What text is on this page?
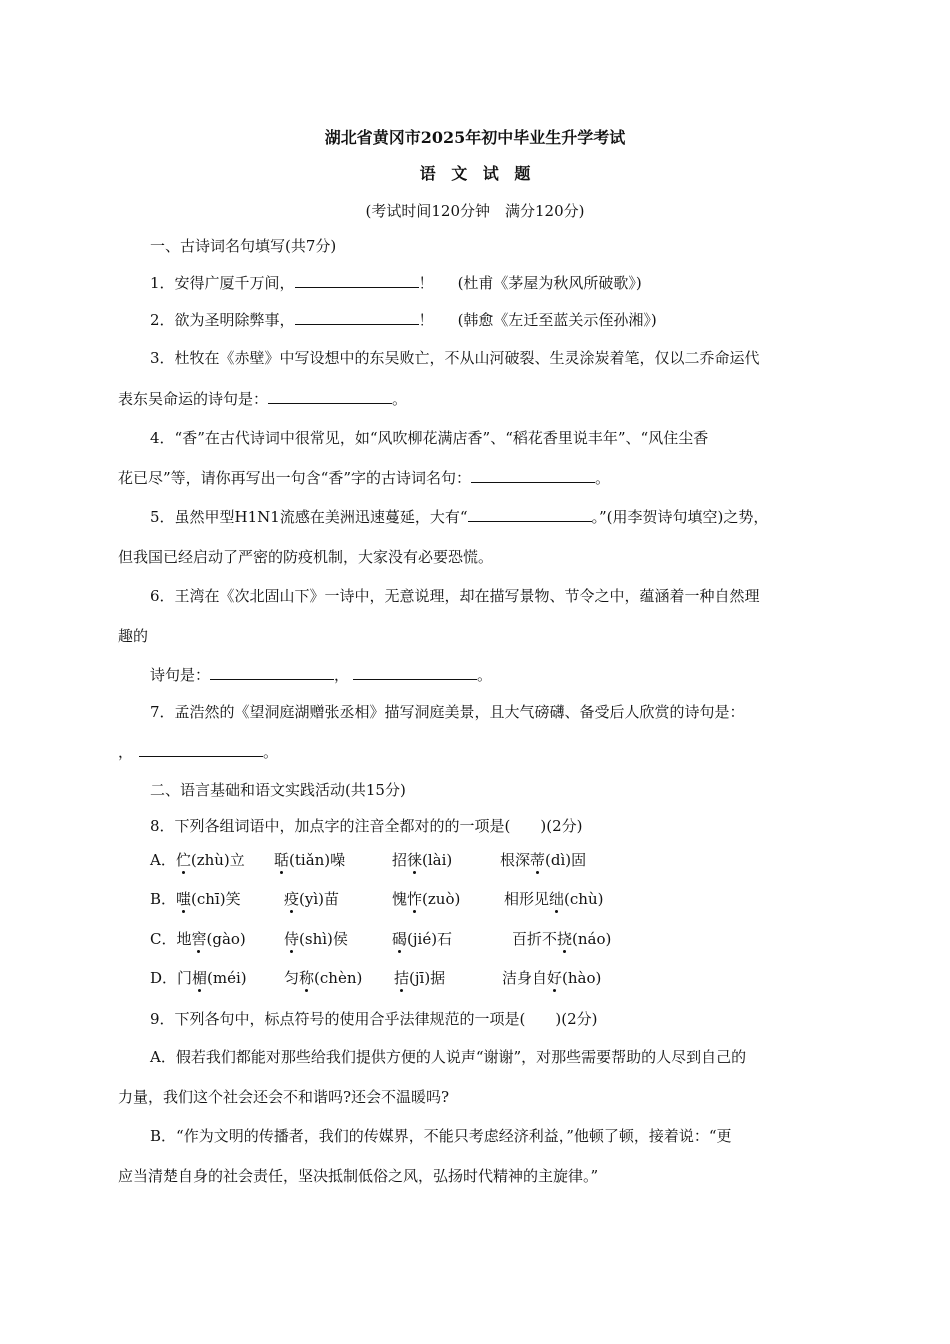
湖北省黄冈市2025年初中毕业生升学考试
语 文 试 题
(考试时间120分钟　满分120分)
一、古诗词名句填写(共7分)
1．安得广厦千万间，	！ (杜甫《茅屋为秋风所破歌》)
2．欲为圣明除弊事，	！ (韩愈《左迁至蓝关示侄孙湘》)
3．杜牧在《赤壁》中写设想中的东吴败亡，不从山河破裂、生灵涂炭着笔，仅以二乔命运代
表东吴命运的诗句是：	。
4．“香”在古代诗词中很常见，如“风吹柳花满店香”、“稻花香里说丰年”、“风住尘香
花已尽”等，请你再写出一句含“香”字的古诗词名句：	。
5．虽然甲型H1N1流感在美洲迅速蔓延，大有“	。”(用李贺诗句填空)之势，
但我国已经启动了严密的防疫机制，大家没有必要恐慌。
6．王湾在《次北固山下》一诗中，无意说理，却在描写景物、节令之中，蕴涵着一种自然理
趣的
诗句是：	，	。
7．孟浩然的《望洞庭湖赠张丞相》描写洞庭美景，且大气磅礴、备受后人欣赏的诗句是：
，	。
二、语言基础和语文实践活动(共15分)
8．下列各组词语中，加点字的注音全都对的的一项是(　　)(2分)
A．伫(zhù)立 聒(tiǎn)噪	招徕(lài)	根深蒂(dì)固
B．嗤(chī)笑	疫(yì)苗	愧怍(zuò)	相形见绌(chù)
C．地窖(gào)	侍(shì)侯	碣(jié)石	百折不挠(náo)
D．门楣(méi) 匀称(chèn) 拮(jī)据	洁身自好(hào)
9．下列各句中，标点符号的使用合乎法律规范的一项是(　　)(2分)
A．假若我们都能对那些给我们提供方便的人说声“谢谢”，对那些需要帮助的人尽到自己的
力量，我们这个社会还会不和谐吗?还会不温暖吗?
B．“作为文明的传播者，我们的传媒界，不能只考虑经济利益，”他顿了顿，接着说：“更
应当清楚自身的社会责任，坚决抵制低俗之风，弘扬时代精神的主旋律。”
